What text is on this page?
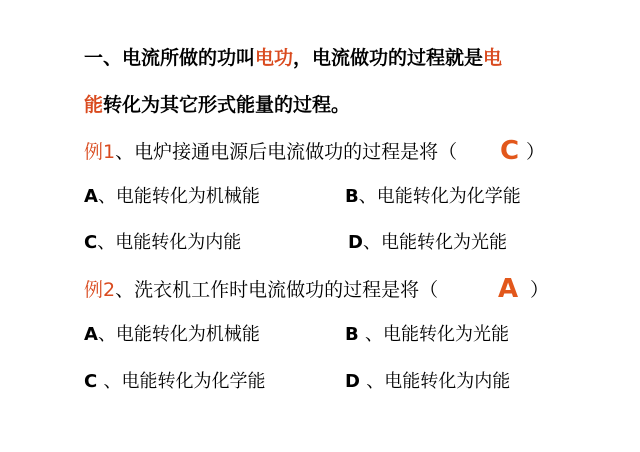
一、电流所做的功叫电功，电流做功的过程就是电
能转化为其它形式能量的过程。
例1、电炉接通电源后电流做功的过程是将（ C ）
A、电能转化为机械能	B、电能转化为化学能
C、电能转化为内能	D、电能转化为光能
例2、洗衣机工作时电流做功的过程是将（ A ）
A、电能转化为机械能	B 、电能转化为光能
C 、电能转化为化学能	D 、电能转化为内能
